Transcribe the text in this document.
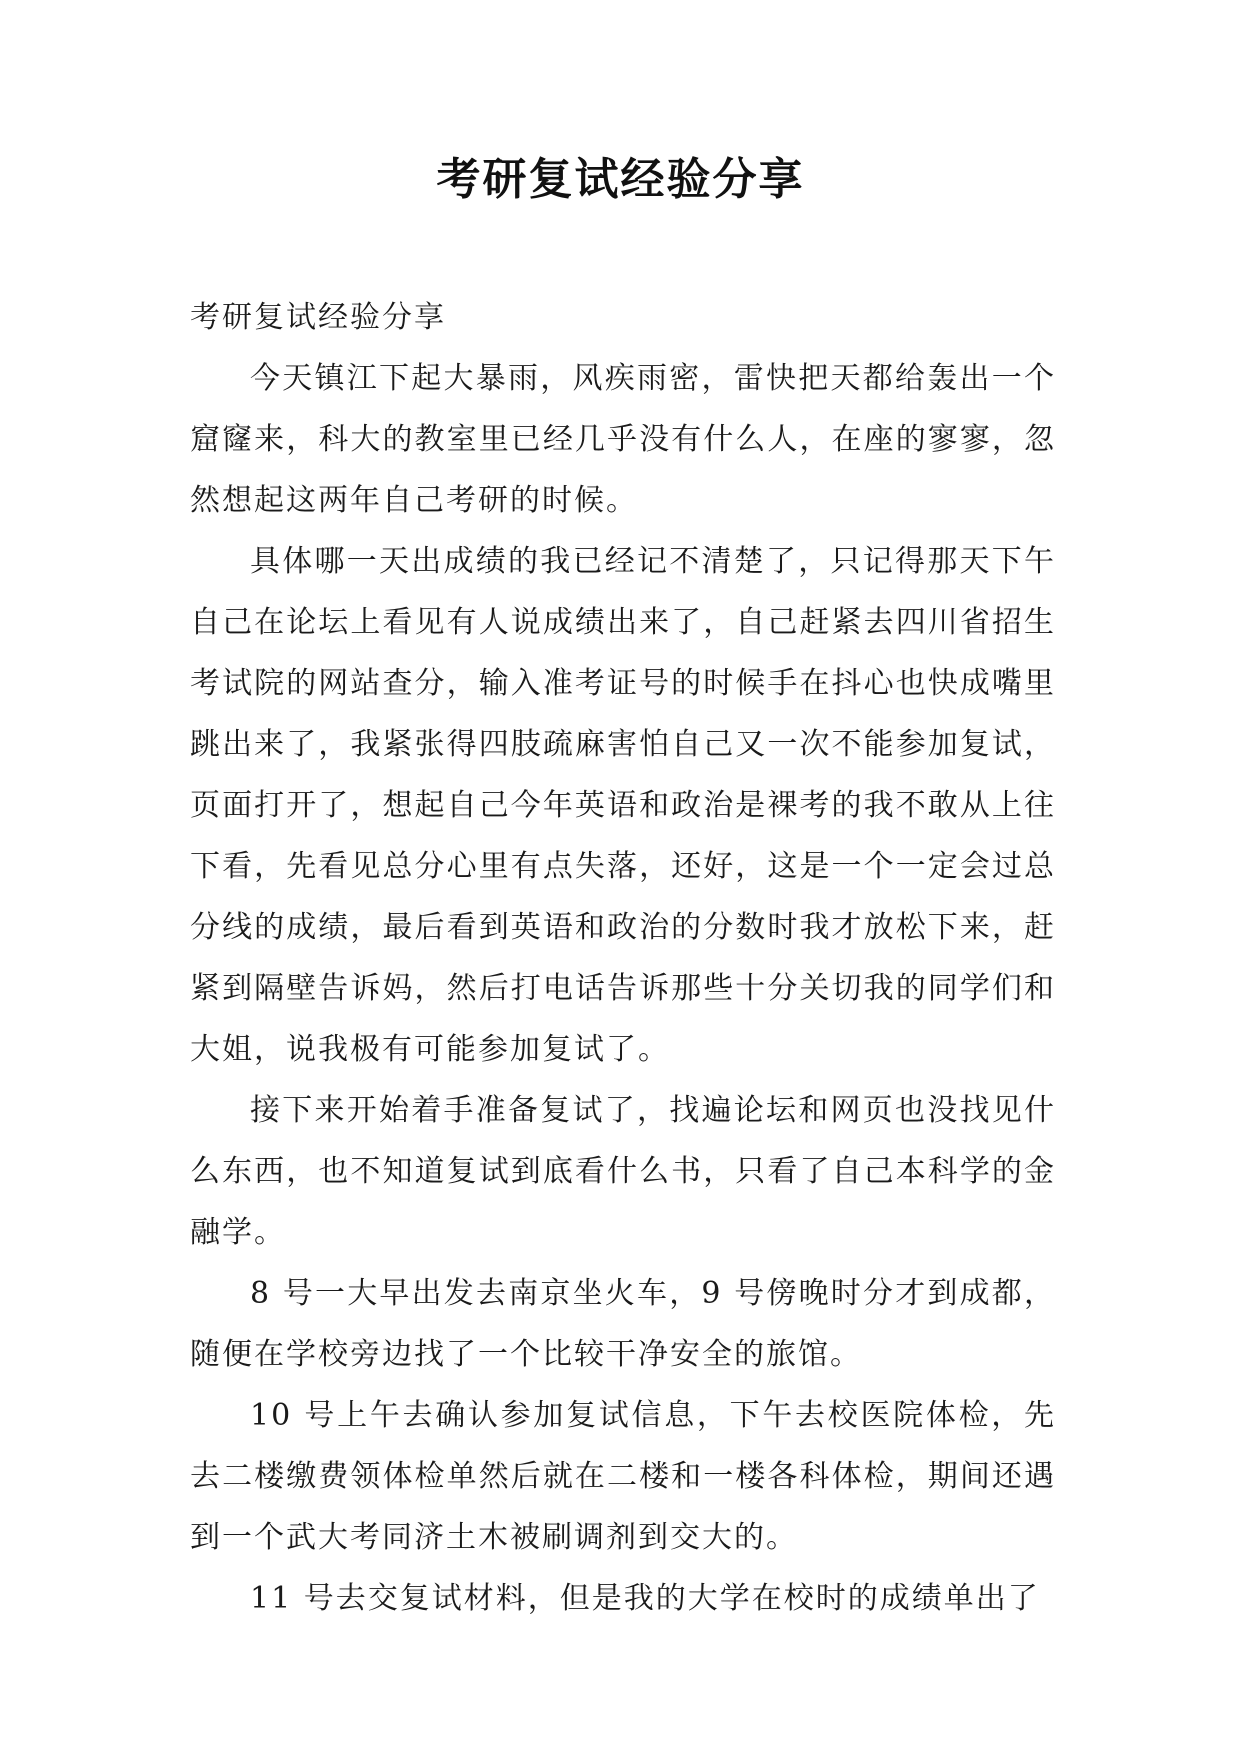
考研复试经验分享

考研复试经验分享

今天镇江下起大暴雨，风疾雨密，雷快把天都给轰出一个窟窿来，科大的教室里已经几乎没有什么人，在座的寥寥，忽然想起这两年自己考研的时候。

具体哪一天出成绩的我已经记不清楚了，只记得那天下午自己在论坛上看见有人说成绩出来了，自己赶紧去四川省招生考试院的网站查分，输入准考证号的时候手在抖心也快成嘴里跳出来了，我紧张得四肢疏麻害怕自己又一次不能参加复试，页面打开了，想起自己今年英语和政治是裸考的我不敢从上往下看，先看见总分心里有点失落，还好，这是一个一定会过总分线的成绩，最后看到英语和政治的分数时我才放松下来，赶紧到隔壁告诉妈，然后打电话告诉那些十分关切我的同学们和大姐，说我极有可能参加复试了。

接下来开始着手准备复试了，找遍论坛和网页也没找见什么东西，也不知道复试到底看什么书，只看了自己本科学的金融学。

8 号一大早出发去南京坐火车，9 号傍晚时分才到成都，随便在学校旁边找了一个比较干净安全的旅馆。

10 号上午去确认参加复试信息，下午去校医院体检，先去二楼缴费领体检单然后就在二楼和一楼各科体检，期间还遇到一个武大考同济土木被刷调剂到交大的。

11 号去交复试材料，但是我的大学在校时的成绩单出了
